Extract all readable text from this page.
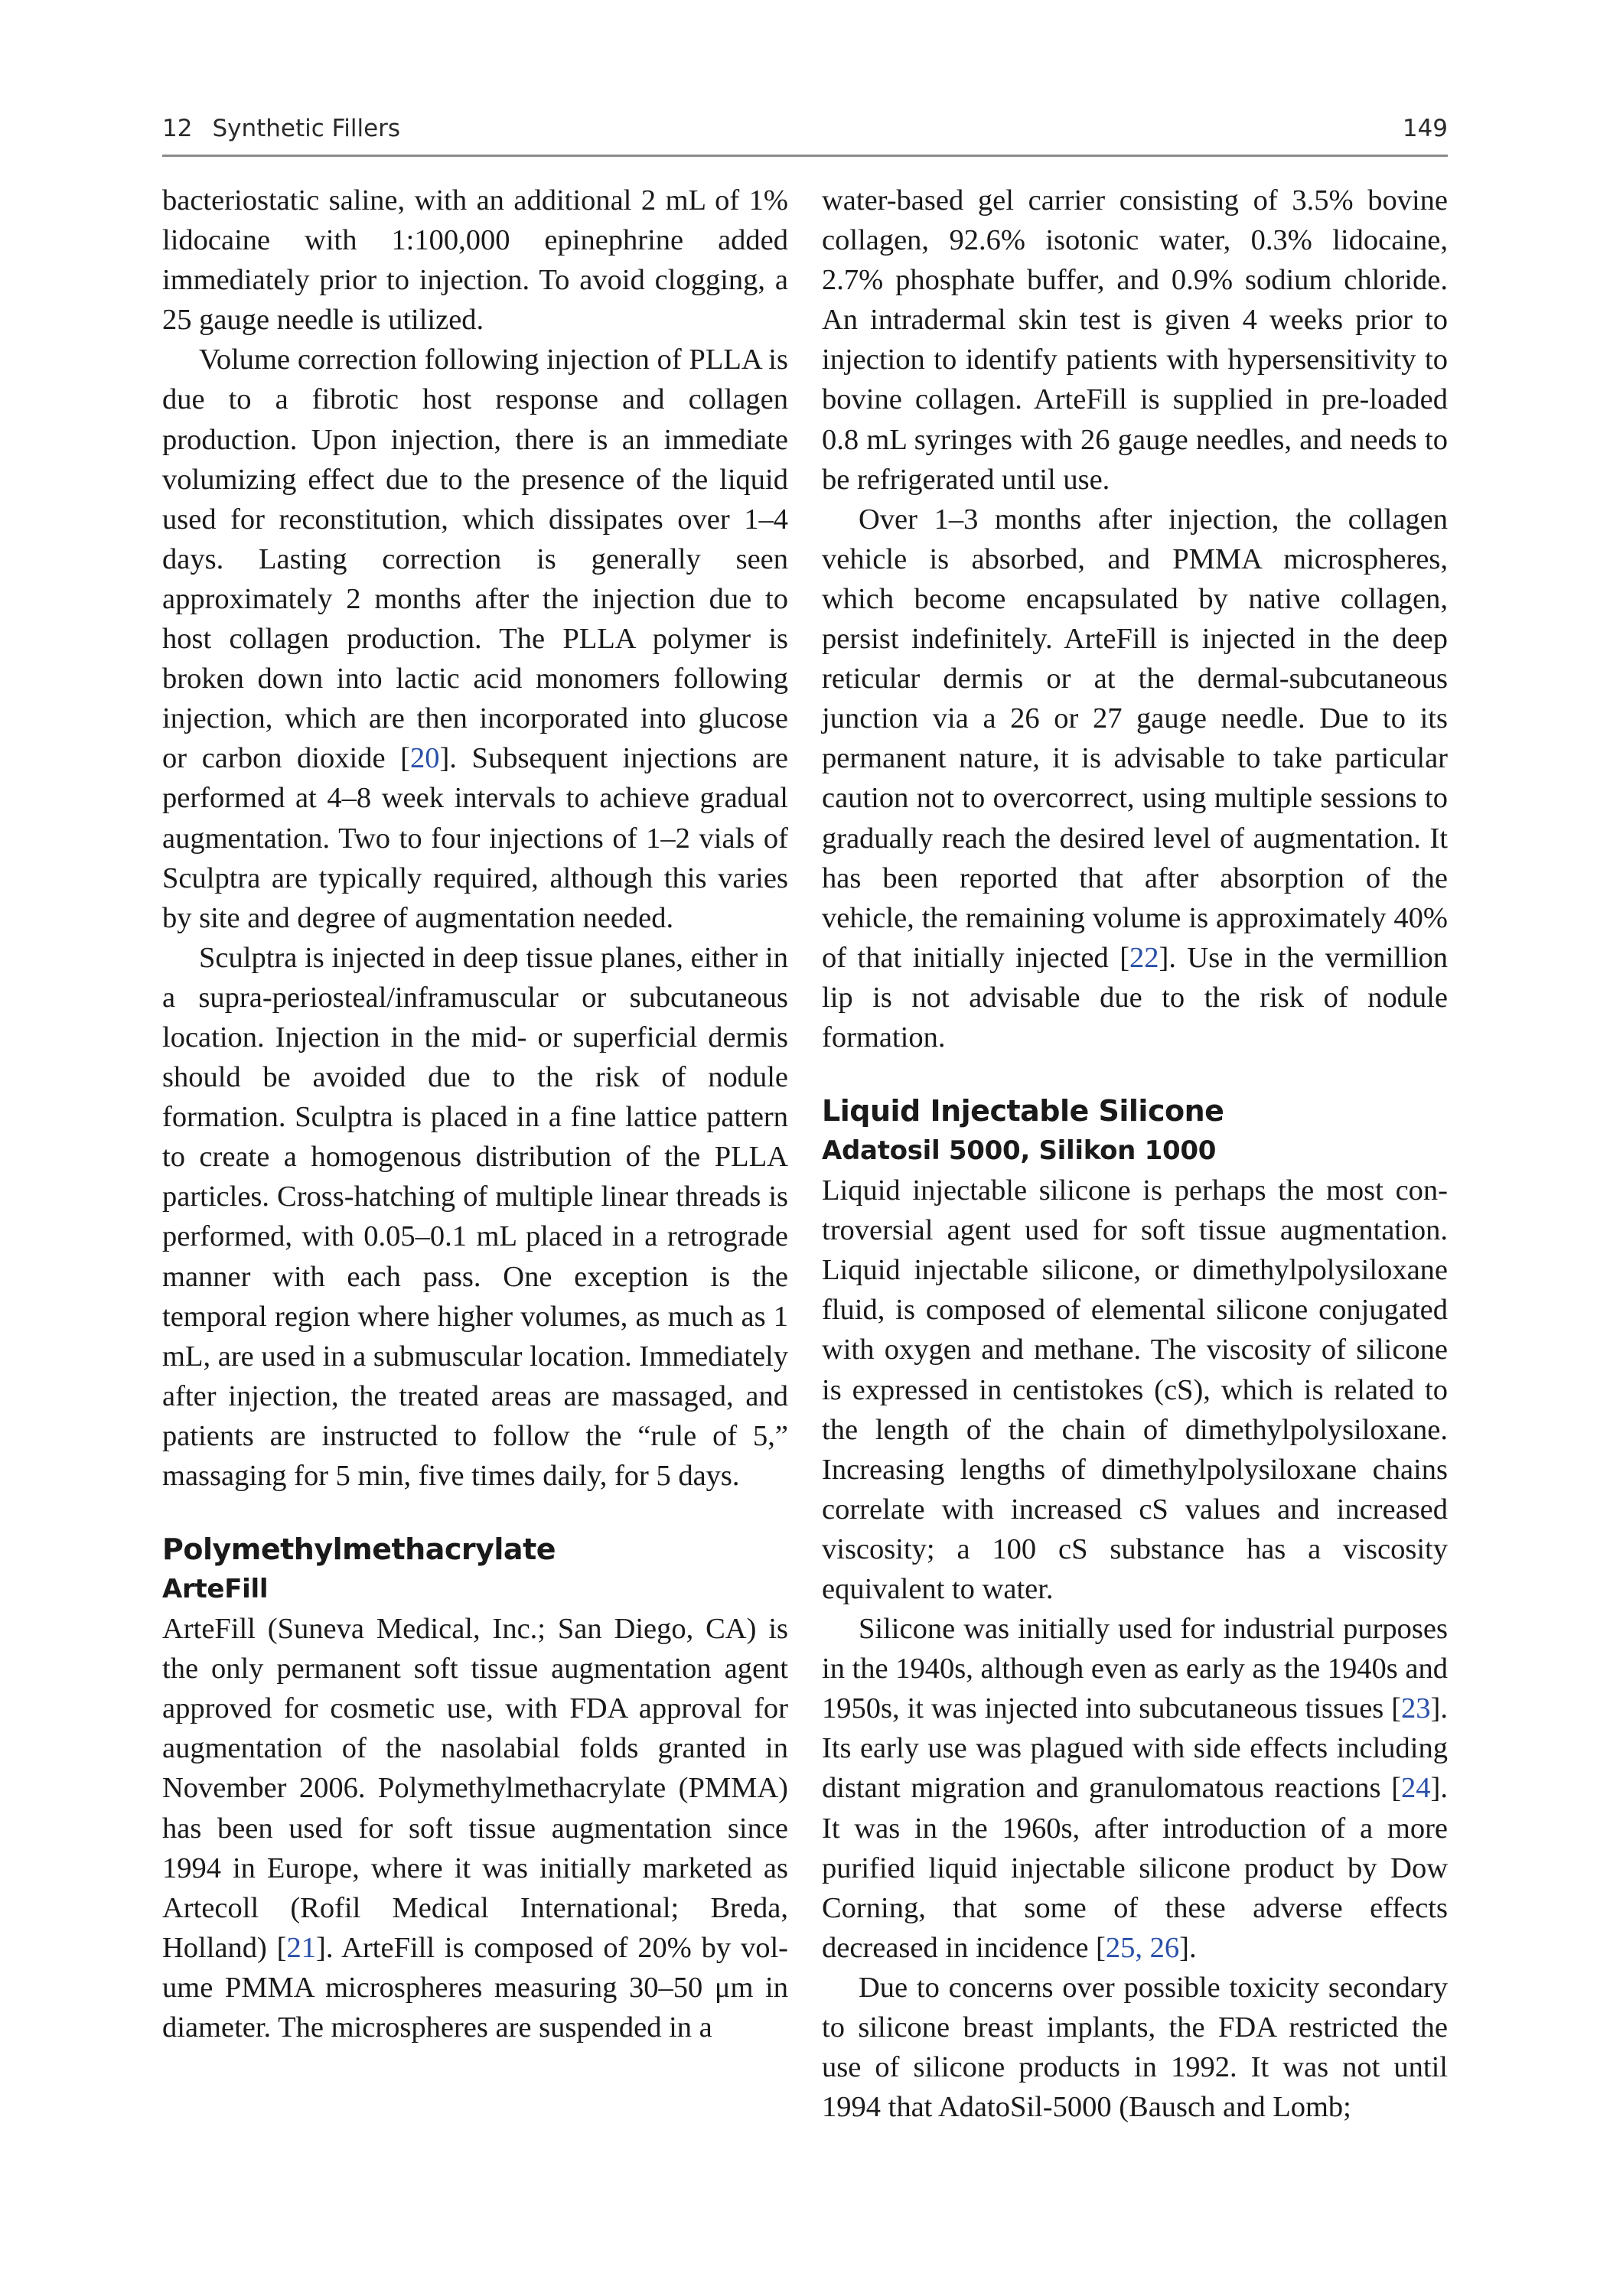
12 Synthetic Fillers	149

bacteriostatic saline, with an additional 2 mL of 1% lidocaine with 1:100,000 epinephrine added immediately prior to injection. To avoid clogging, a 25 gauge needle is utilized.

Volume correction following injection of PLLA is due to a fibrotic host response and collagen production. Upon injection, there is an immediate volumizing effect due to the presence of the liquid used for reconstitution, which dissipates over 1–4 days. Lasting correction is generally seen approximately 2 months after the injection due to host collagen production. The PLLA polymer is broken down into lactic acid monomers following injection, which are then incorporated into glucose or carbon dioxide [20]. Subsequent injections are performed at 4–8 week intervals to achieve gradual augmentation. Two to four injections of 1–2 vials of Sculptra are typically required, although this varies by site and degree of augmentation needed.

Sculptra is injected in deep tissue planes, either in a supra-periosteal/inframuscular or subcutaneous location. Injection in the mid- or superficial dermis should be avoided due to the risk of nodule formation. Sculptra is placed in a fine lattice pattern to create a homogenous distribution of the PLLA particles. Cross-hatching of multiple linear threads is performed, with 0.05–0.1 mL placed in a retrograde manner with each pass. One exception is the temporal region where higher volumes, as much as 1 mL, are used in a submuscular location. Immediately after injection, the treated areas are massaged, and patients are instructed to follow the “rule of 5,” massaging for 5 min, five times daily, for 5 days.

Polymethylmethacrylate
ArteFill

ArteFill (Suneva Medical, Inc.; San Diego, CA) is the only permanent soft tissue augmentation agent approved for cosmetic use, with FDA approval for augmentation of the nasolabial folds granted in November 2006. Polymethylmethacrylate (PMMA) has been used for soft tissue augmentation since 1994 in Europe, where it was initially marketed as Artecoll (Rofil Medical International; Breda, Holland) [21]. ArteFill is composed of 20% by volume PMMA microspheres measuring 30–50 μm in diameter. The microspheres are suspended in a

water-based gel carrier consisting of 3.5% bovine collagen, 92.6% isotonic water, 0.3% lidocaine, 2.7% phosphate buffer, and 0.9% sodium chloride. An intradermal skin test is given 4 weeks prior to injection to identify patients with hypersensitivity to bovine collagen. ArteFill is supplied in pre-loaded 0.8 mL syringes with 26 gauge needles, and needs to be refrigerated until use.

Over 1–3 months after injection, the collagen vehicle is absorbed, and PMMA microspheres, which become encapsulated by native collagen, persist indefinitely. ArteFill is injected in the deep reticular dermis or at the dermal-subcutaneous junction via a 26 or 27 gauge needle. Due to its permanent nature, it is advisable to take particular caution not to overcorrect, using multiple sessions to gradually reach the desired level of augmentation. It has been reported that after absorption of the vehicle, the remaining volume is approximately 40% of that initially injected [22]. Use in the vermillion lip is not advisable due to the risk of nodule formation.

Liquid Injectable Silicone
Adatosil 5000, Silikon 1000

Liquid injectable silicone is perhaps the most controversial agent used for soft tissue augmentation. Liquid injectable silicone, or dimethylpolysiloxane fluid, is composed of elemental silicone conjugated with oxygen and methane. The viscosity of silicone is expressed in centistokes (cS), which is related to the length of the chain of dimethylpolysiloxane. Increasing lengths of dimethylpolysiloxane chains correlate with increased cS values and increased viscosity; a 100 cS substance has a viscosity equivalent to water.

Silicone was initially used for industrial purposes in the 1940s, although even as early as the 1940s and 1950s, it was injected into subcutaneous tissues [23]. Its early use was plagued with side effects including distant migration and granulomatous reactions [24]. It was in the 1960s, after introduction of a more purified liquid injectable silicone product by Dow Corning, that some of these adverse effects decreased in incidence [25, 26].

Due to concerns over possible toxicity secondary to silicone breast implants, the FDA restricted the use of silicone products in 1992. It was not until 1994 that AdatoSil-5000 (Bausch and Lomb;
